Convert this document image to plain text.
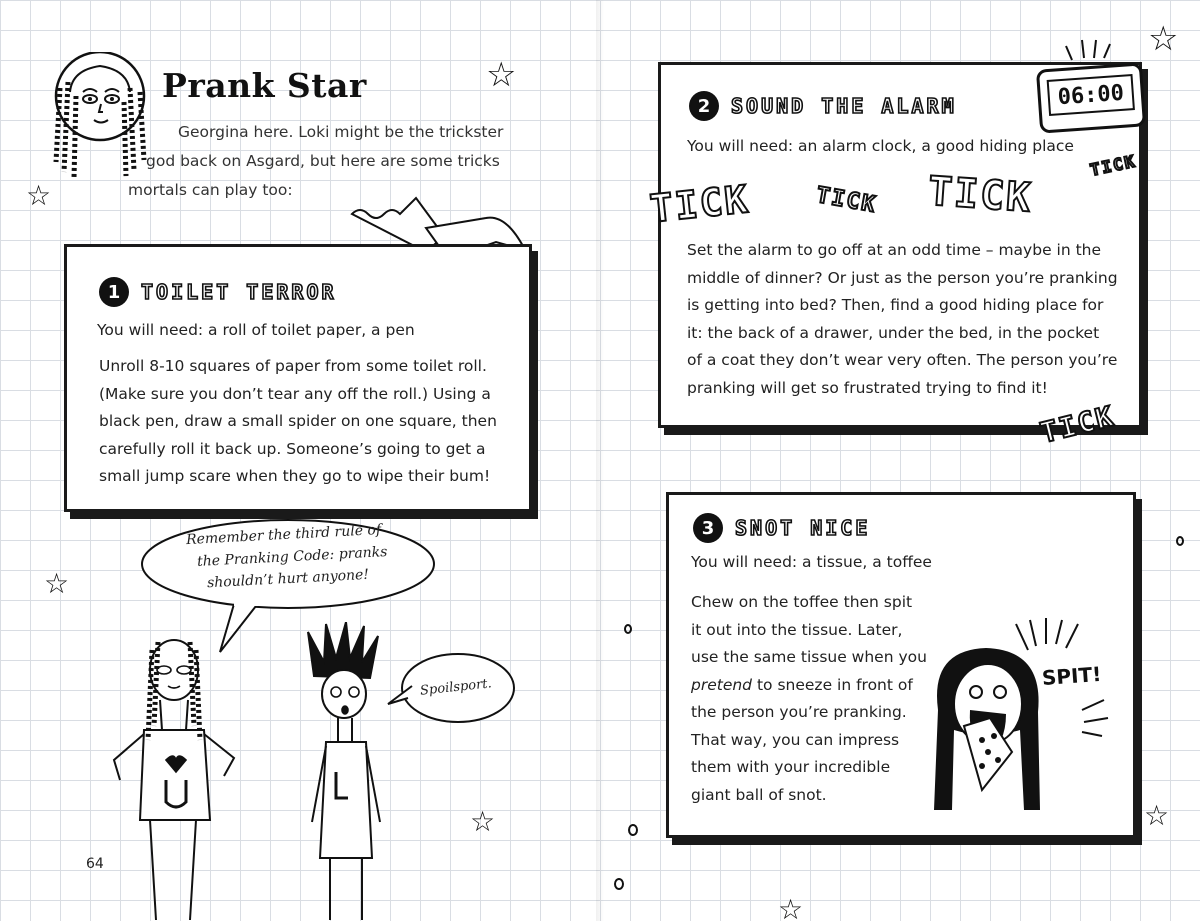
Prank Star
Georgina here. Loki might be the trickster
god back on Asgard, but here are some tricks
mortals can play too:
1	TOILET TERROR
You will need: a roll of toilet paper, a pen
Unroll 8-10 squares of paper from some toilet roll.
(Make sure you don’t tear any off the roll.) Using a
black pen, draw a small spider on one square, then
carefully roll it back up. Someone’s going to get a
small jump scare when they go to wipe their bum!
Remember the third rule of
the Pranking Code: pranks
shouldn’t hurt anyone!
Spoilsport.
64
☆
☆
☆
☆
2	SOUND THE ALARM
You will need: an alarm clock, a good hiding place
Set the alarm to go off at an odd time – maybe in the
middle of dinner? Or just as the person you’re pranking
is getting into bed? Then, find a good hiding place for
it: the back of a drawer, under the bed, in the pocket
of a coat they don’t wear very often. The person you’re
pranking will get so frustrated trying to find it!
06:00
TICK	TICK TICK
TICK
TICK
3	SNOT NICE
You will need: a tissue, a toffee
Chew on the toffee then spit
it out into the tissue. Later,
use the same tissue when you
pretend to sneeze in front of
the person you’re pranking.
That way, you can impress
them with your incredible
giant ball of snot.
SPIT!
☆
☆
☆
